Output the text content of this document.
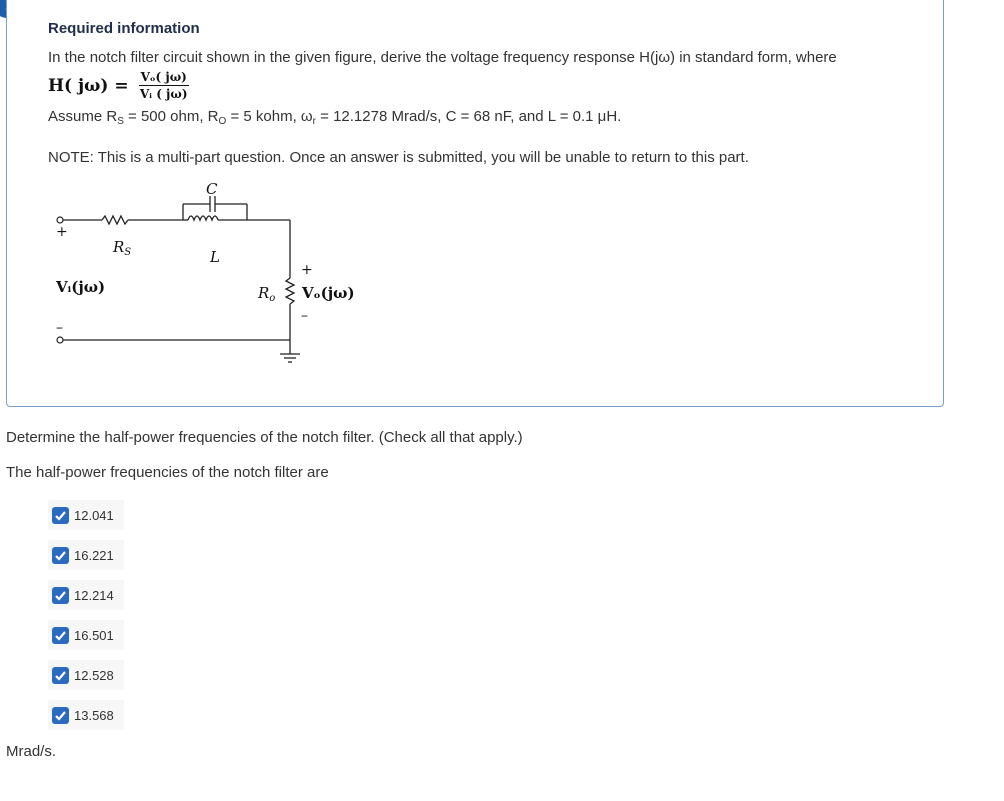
Required information
In the notch filter circuit shown in the given figure, derive the voltage frequency response H(jω) in standard form, where
H( $j\omega) = \frac{\text{Vₒ( jω)}}{\text{Vᵢ ( jω)}}$
Assume $R_S = 500$ ohm, $R_O = 5$ kohm, $\omega_r = 12.1278$ Mrad/s, C = 68 nF, and L = 0.1 μH.
NOTE: This is a multi-part question. Once an answer is submitted, you will be unable to return to this part.
+
–
C
L
$R_S$
$R_o$
Vᵢ(jω)	Vₒ(jω)
+
–
Determine the half-power frequencies of the notch filter. (Check all that apply.)
The half-power frequencies of the notch filter are
12.041
16.221
12.214
16.501
12.528
13.568
Mrad/s.
